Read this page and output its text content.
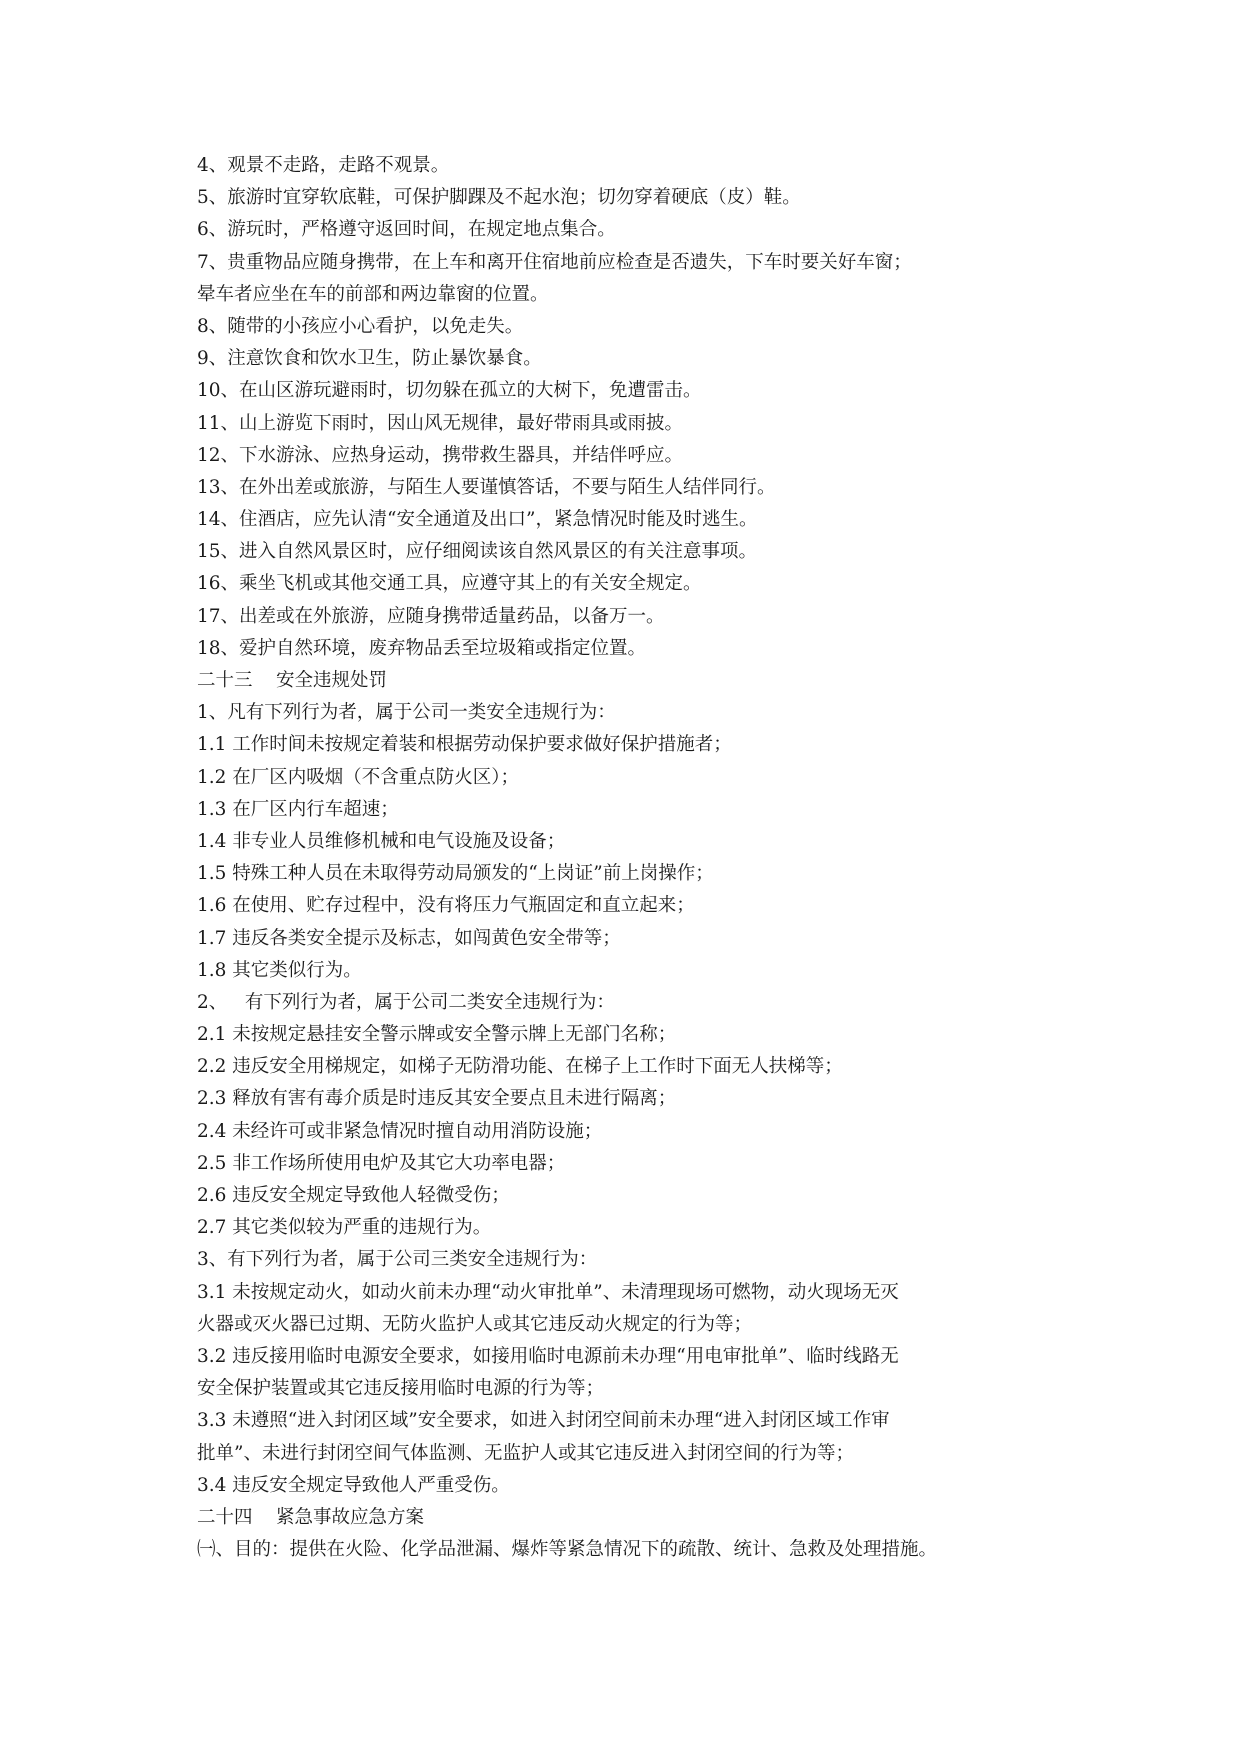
4、观景不走路，走路不观景。

5、旅游时宜穿软底鞋，可保护脚踝及不起水泡；切勿穿着硬底（皮）鞋。

6、游玩时，严格遵守返回时间，在规定地点集合。

7、贵重物品应随身携带，在上车和离开住宿地前应检查是否遗失，下车时要关好车窗；

晕车者应坐在车的前部和两边靠窗的位置。

8、随带的小孩应小心看护，以免走失。

9、注意饮食和饮水卫生，防止暴饮暴食。

10、在山区游玩避雨时，切勿躲在孤立的大树下，免遭雷击。

11、山上游览下雨时，因山风无规律，最好带雨具或雨披。

12、下水游泳、应热身运动，携带救生器具，并结伴呼应。

13、在外出差或旅游，与陌生人要谨慎答话，不要与陌生人结伴同行。

14、住酒店，应先认清“安全通道及出口”，紧急情况时能及时逃生。

15、进入自然风景区时，应仔细阅读该自然风景区的有关注意事项。

16、乘坐飞机或其他交通工具，应遵守其上的有关安全规定。

17、出差或在外旅游，应随身携带适量药品，以备万一。

18、爱护自然环境，废弃物品丢至垃圾箱或指定位置。

二十三    安全违规处罚

1、凡有下列行为者，属于公司一类安全违规行为：

1.1 工作时间未按规定着装和根据劳动保护要求做好保护措施者；

1.2 在厂区内吸烟（不含重点防火区）；

1.3 在厂区内行车超速；

1.4 非专业人员维修机械和电气设施及设备；

1.5 特殊工种人员在未取得劳动局颁发的“上岗证”前上岗操作；

1.6 在使用、贮存过程中，没有将压力气瓶固定和直立起来；

1.7 违反各类安全提示及标志，如闯黄色安全带等；

1.8 其它类似行为。

2、   有下列行为者，属于公司二类安全违规行为：

2.1 未按规定悬挂安全警示牌或安全警示牌上无部门名称；

2.2 违反安全用梯规定，如梯子无防滑功能、在梯子上工作时下面无人扶梯等；

2.3 释放有害有毒介质是时违反其安全要点且未进行隔离；

2.4 未经许可或非紧急情况时擅自动用消防设施；

2.5 非工作场所使用电炉及其它大功率电器；

2.6 违反安全规定导致他人轻微受伤；

2.7 其它类似较为严重的违规行为。

3、有下列行为者，属于公司三类安全违规行为：

3.1 未按规定动火，如动火前未办理“动火审批单”、未清理现场可燃物，动火现场无灭

火器或灭火器已过期、无防火监护人或其它违反动火规定的行为等；

3.2 违反接用临时电源安全要求，如接用临时电源前未办理“用电审批单”、临时线路无

安全保护装置或其它违反接用临时电源的行为等；

3.3 未遵照“进入封闭区域”安全要求，如进入封闭空间前未办理“进入封闭区域工作审

批单”、未进行封闭空间气体监测、无监护人或其它违反进入封闭空间的行为等；

3.4 违反安全规定导致他人严重受伤。

二十四    紧急事故应急方案

㈠、目的：提供在火险、化学品泄漏、爆炸等紧急情况下的疏散、统计、急救及处理措施。
